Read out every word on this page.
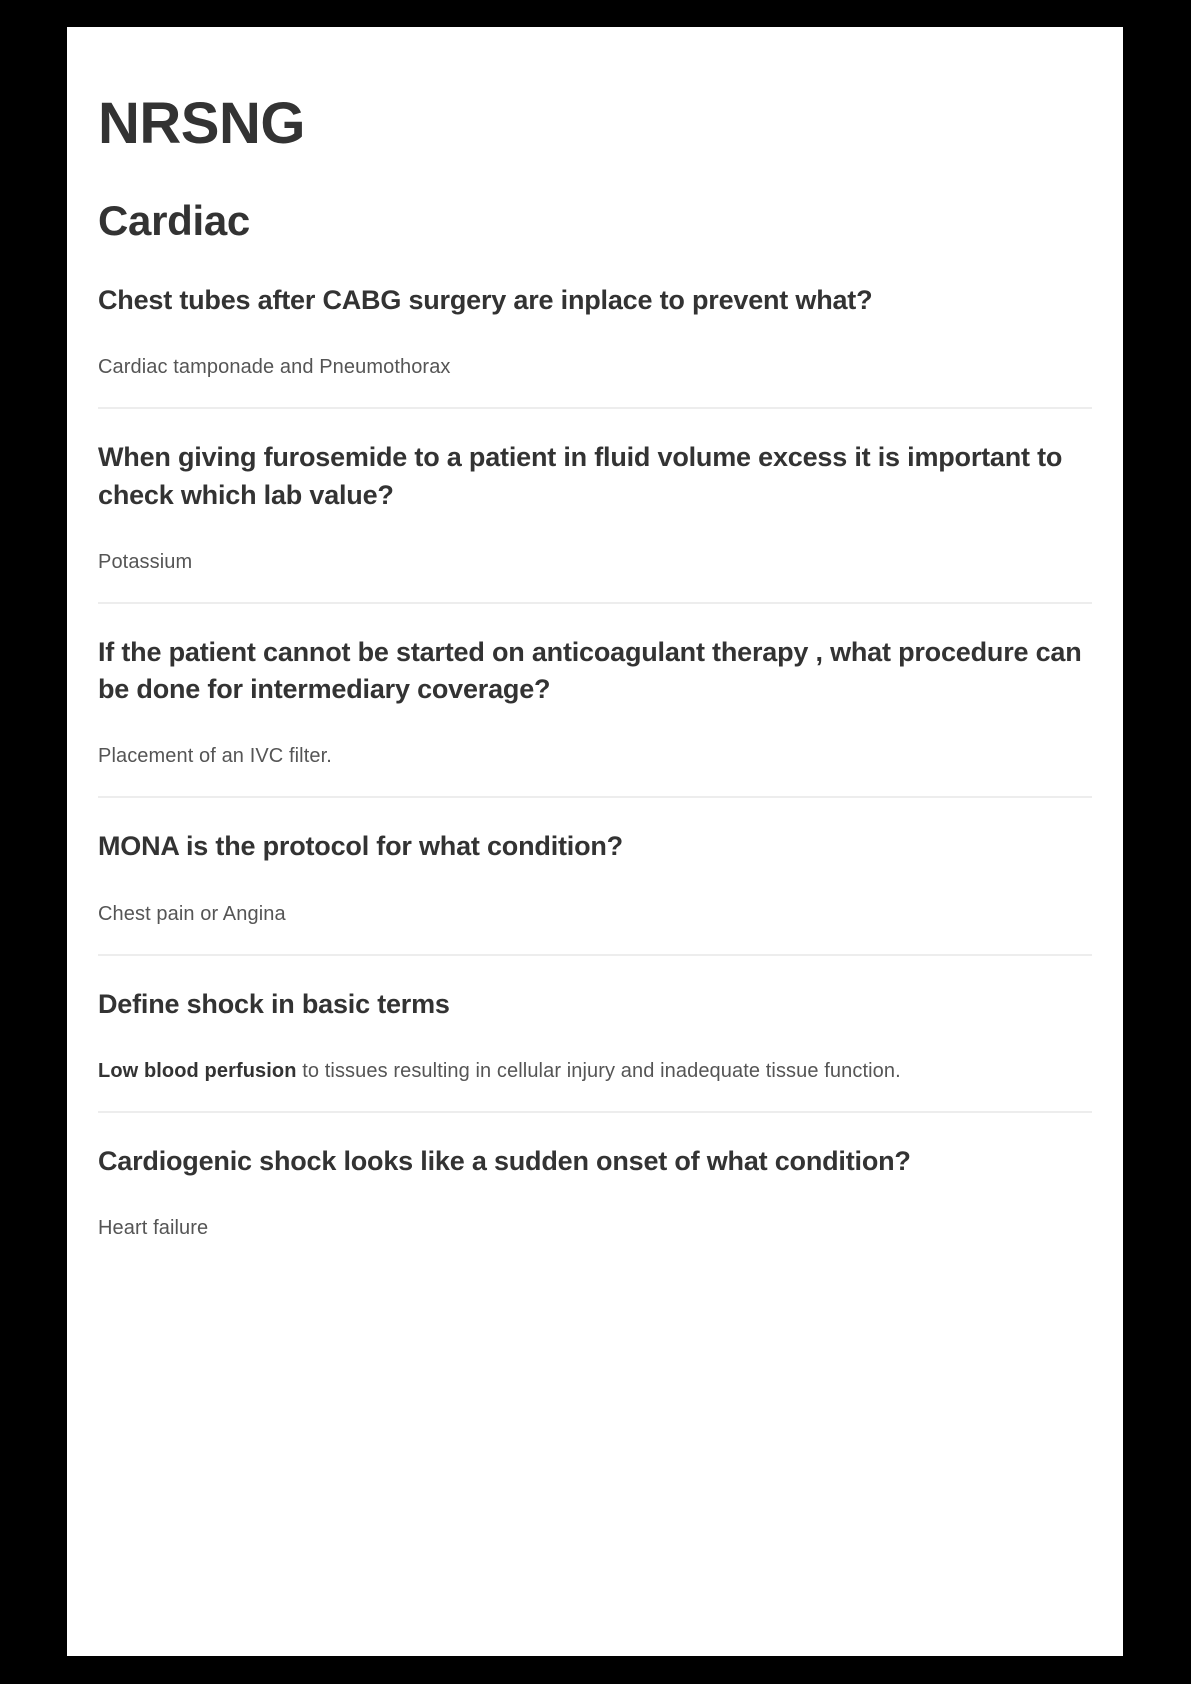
NRSNG
Cardiac

Chest tubes after CABG surgery are inplace to prevent what?

Cardiac tamponade and Pneumothorax

When giving furosemide to a patient in fluid volume excess it is important to check which lab value?

Potassium

If the patient cannot be started on anticoagulant therapy , what procedure can be done for intermediary coverage?

Placement of an IVC filter.

MONA is the protocol for what condition?

Chest pain or Angina

Define shock in basic terms

Low blood perfusion to tissues resulting in cellular injury and inadequate tissue function.

Cardiogenic shock looks like a sudden onset of what condition?

Heart failure
